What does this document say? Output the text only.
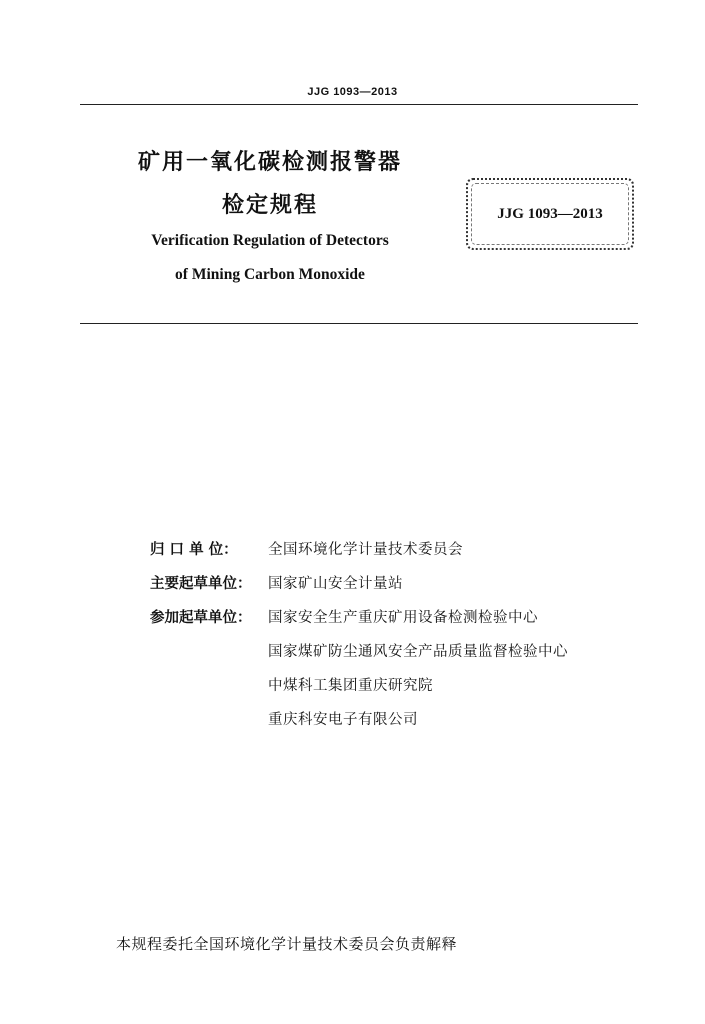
JJG 1093—2013
矿用一氧化碳检测报警器
检定规程
Verification Regulation of Detectors
of Mining Carbon Monoxide
JJG 1093—2013
归 口 单 位：	全国环境化学计量技术委员会
主要起草单位：	国家矿山安全计量站
参加起草单位：	国家安全生产重庆矿用设备检测检验中心
国家煤矿防尘通风安全产品质量监督检验中心
中煤科工集团重庆研究院
重庆科安电子有限公司
本规程委托全国环境化学计量技术委员会负责解释
